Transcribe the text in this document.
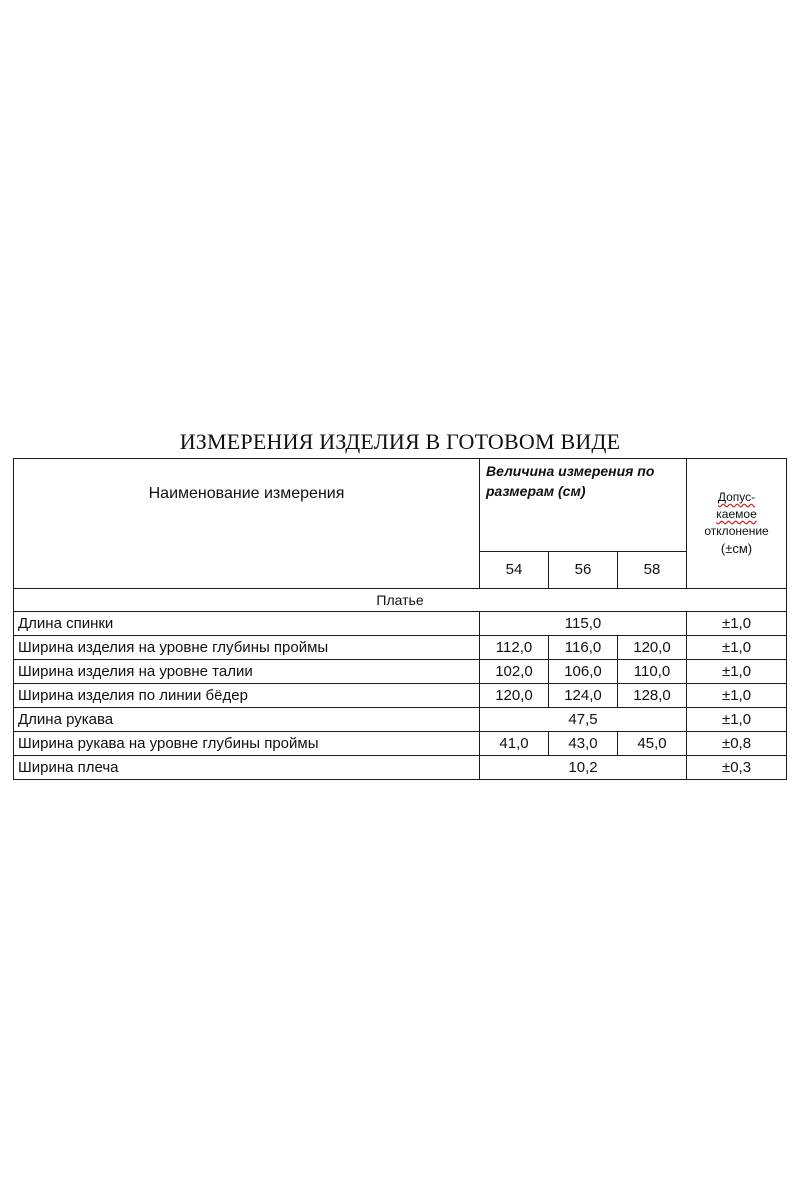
ИЗМЕРЕНИЯ ИЗДЕЛИЯ В ГОТОВОМ ВИДЕ
Наименование измерения	Величина измерения по размерам (см)			Допус-
каемое
отклонение
(±см)
	54	56	58	
Платье				
Длина спинки	115,0			±1,0
Ширина изделия на уровне глубины проймы	112,0	116,0	120,0	±1,0
Ширина изделия на уровне талии	102,0	106,0	110,0	±1,0
Ширина изделия по линии бёдер	120,0	124,0	128,0	±1,0
Длина рукава	47,5			±1,0
Ширина рукава на уровне глубины проймы	41,0	43,0	45,0	±0,8
Ширина плеча	10,2			±0,3
